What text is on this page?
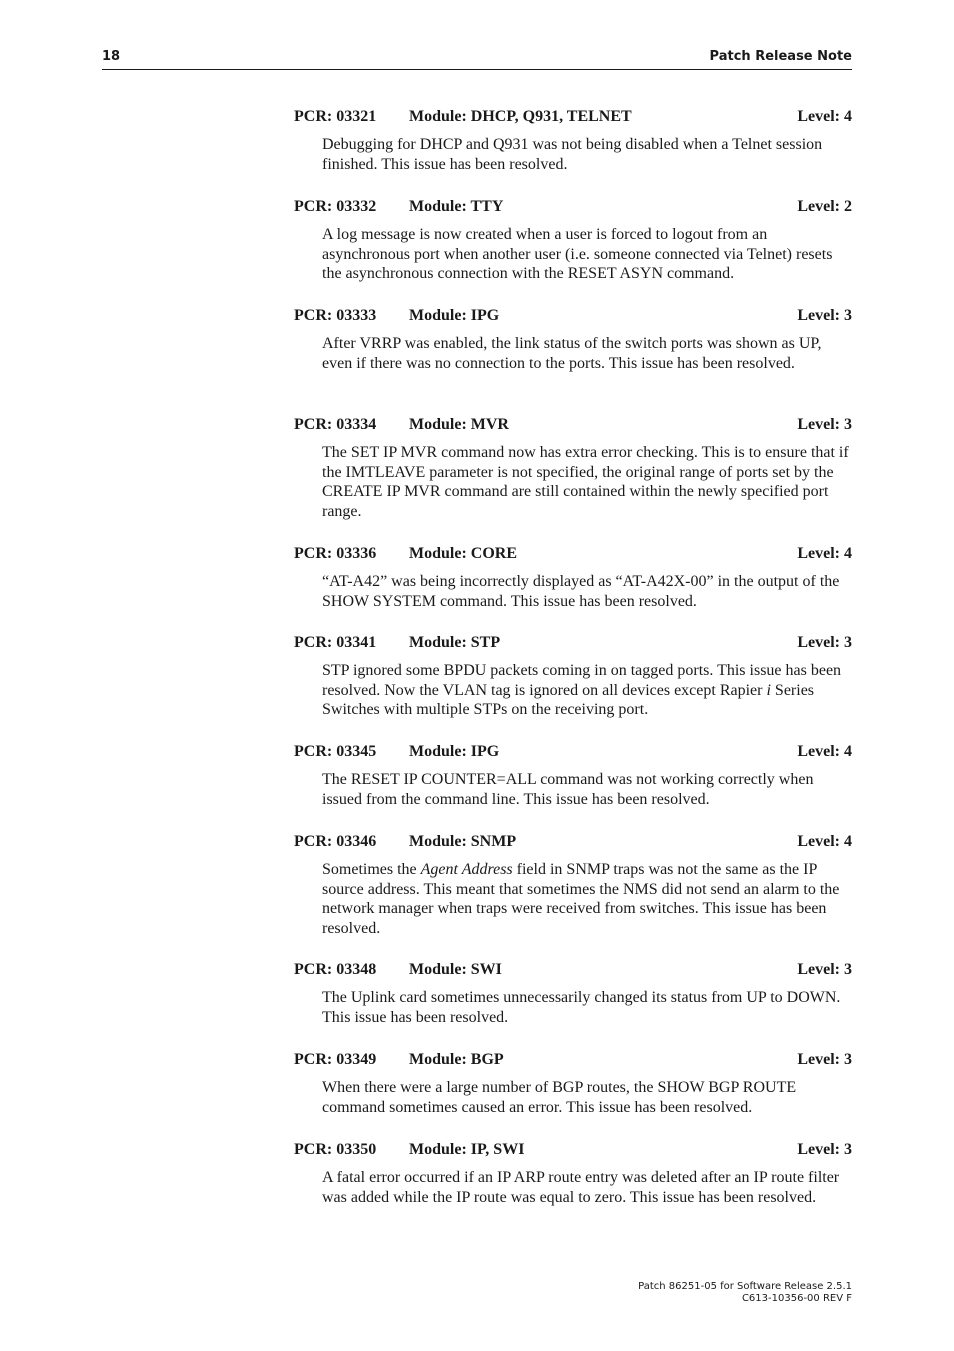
18	Patch Release Note
PCR: 03321 Module: DHCP, Q931, TELNET	Level: 4
Debugging for DHCP and Q931 was not being disabled when a Telnet session finished. This issue has been resolved.
PCR: 03332 Module: TTY	Level: 2
A log message is now created when a user is forced to logout from an asynchronous port when another user (i.e. someone connected via Telnet) resets the asynchronous connection with the RESET ASYN command.
PCR: 03333 Module: IPG	Level: 3
After VRRP was enabled, the link status of the switch ports was shown as UP, even if there was no connection to the ports. This issue has been resolved.
PCR: 03334 Module: MVR	Level: 3
The SET IP MVR command now has extra error checking. This is to ensure that if the IMTLEAVE parameter is not specified, the original range of ports set by the CREATE IP MVR command are still contained within the newly specified port range.
PCR: 03336 Module: CORE	Level: 4
“AT-A42” was being incorrectly displayed as “AT-A42X-00” in the output of the SHOW SYSTEM command. This issue has been resolved.
PCR: 03341 Module: STP	Level: 3
STP ignored some BPDU packets coming in on tagged ports. This issue has been resolved. Now the VLAN tag is ignored on all devices except Rapier i Series Switches with multiple STPs on the receiving port.
PCR: 03345 Module: IPG	Level: 4
The RESET IP COUNTER=ALL command was not working correctly when issued from the command line. This issue has been resolved.
PCR: 03346 Module: SNMP	Level: 4
Sometimes the Agent Address field in SNMP traps was not the same as the IP source address. This meant that sometimes the NMS did not send an alarm to the network manager when traps were received from switches. This issue has been resolved.
PCR: 03348 Module: SWI	Level: 3
The Uplink card sometimes unnecessarily changed its status from UP to DOWN. This issue has been resolved.
PCR: 03349 Module: BGP	Level: 3
When there were a large number of BGP routes, the SHOW BGP ROUTE command sometimes caused an error. This issue has been resolved.
PCR: 03350 Module: IP, SWI	Level: 3
A fatal error occurred if an IP ARP route entry was deleted after an IP route filter was added while the IP route was equal to zero. This issue has been resolved.
Patch 86251-05 for Software Release 2.5.1
C613-10356-00 REV F
